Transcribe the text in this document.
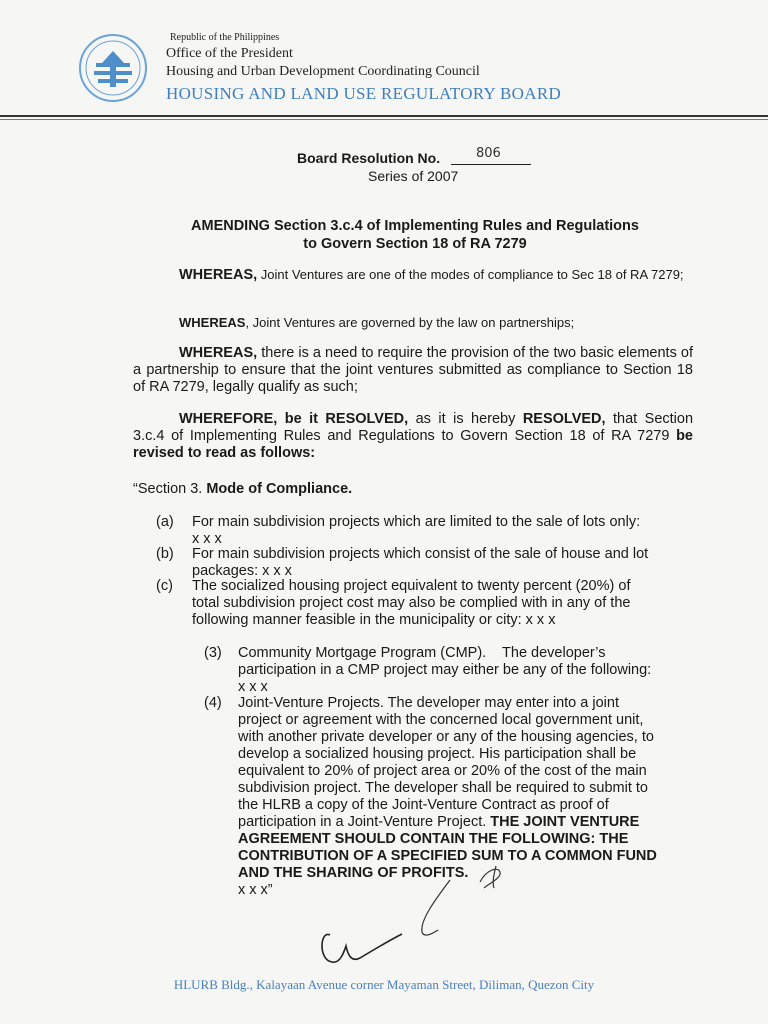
Republic of the Philippines
Office of the President
Housing and Urban Development Coordinating Council
HOUSING AND LAND USE REGULATORY BOARD
Board Resolution No.	806
Series of 2007
AMENDING Section 3.c.4 of Implementing Rules and Regulations
to Govern Section 18 of RA 7279
WHEREAS, Joint Ventures are one of the modes of compliance to Sec 18 of RA 7279;
WHEREAS, Joint Ventures are governed by the law on partnerships;
WHEREAS, there is a need to require the provision of the two basic elements of a partnership to ensure that the joint ventures submitted as compliance to Section 18 of RA 7279, legally qualify as such;
WHEREFORE, be it RESOLVED, as it is hereby RESOLVED, that Section 3.c.4 of Implementing Rules and Regulations to Govern Section 18 of RA 7279 be revised to read as follows:
“Section 3. Mode of Compliance.
(a) For main subdivision projects which are limited to the sale of lots only:
x x x
(b) For main subdivision projects which consist of the sale of house and lot
packages: x x x
(c) The socialized housing project equivalent to twenty percent (20%) of
total subdivision project cost may also be complied with in any of the
following manner feasible in the municipality or city: x x x
(3) Community Mortgage Program (CMP).    The developer’s
participation in a CMP project may either be any of the following:
x x x
(4) Joint-Venture Projects. The developer may enter into a joint
project or agreement with the concerned local government unit,
with another private developer or any of the housing agencies, to
develop a socialized housing project. His participation shall be
equivalent to 20% of project area or 20% of the cost of the main
subdivision project. The developer shall be required to submit to
the HLRB a copy of the Joint-Venture Contract as proof of
participation in a Joint-Venture Project. THE JOINT VENTURE
AGREEMENT SHOULD CONTAIN THE FOLLOWING: THE
CONTRIBUTION OF A SPECIFIED SUM TO A COMMON FUND
AND THE SHARING OF PROFITS.
x x x”
HLURB Bldg., Kalayaan Avenue corner Mayaman Street, Diliman, Quezon City
